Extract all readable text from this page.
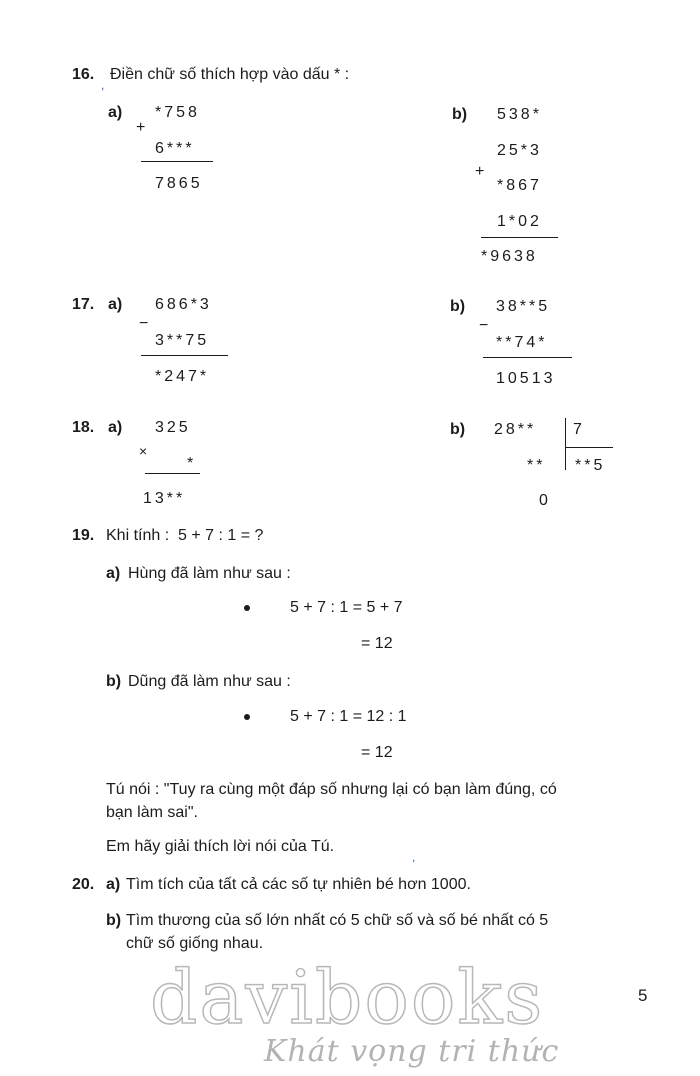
16. Điền chữ số thích hợp vào dấu * :
,
a)
+
*758
6***
7865
b) 538*
25*3
+
*867
1*02
*9638
17. a) 686*3
−
3**75
*247*
b) 38**5
−
**74*
10513
18. a) 325
×
*
13**
b) 28** 7
** **5
0
19. Khi tính :  5 + 7 : 1 = ?
a) Hùng đã làm như sau :
5 + 7 : 1 = 5 + 7
= 12
b) Dũng đã làm như sau :
5 + 7 : 1 = 12 : 1
= 12
Tú nói : "Tuy ra cùng một đáp số nhưng lại có bạn làm đúng, có
bạn làm sai".
Em hãy giải thích lời nói của Tú.
,
20. a) Tìm tích của tất cả các số tự nhiên bé hơn 1000.
b) Tìm thương của số lớn nhất có 5 chữ số và số bé nhất có 5
chữ số giống nhau.
5
davibooks
Khát vọng tri thức
